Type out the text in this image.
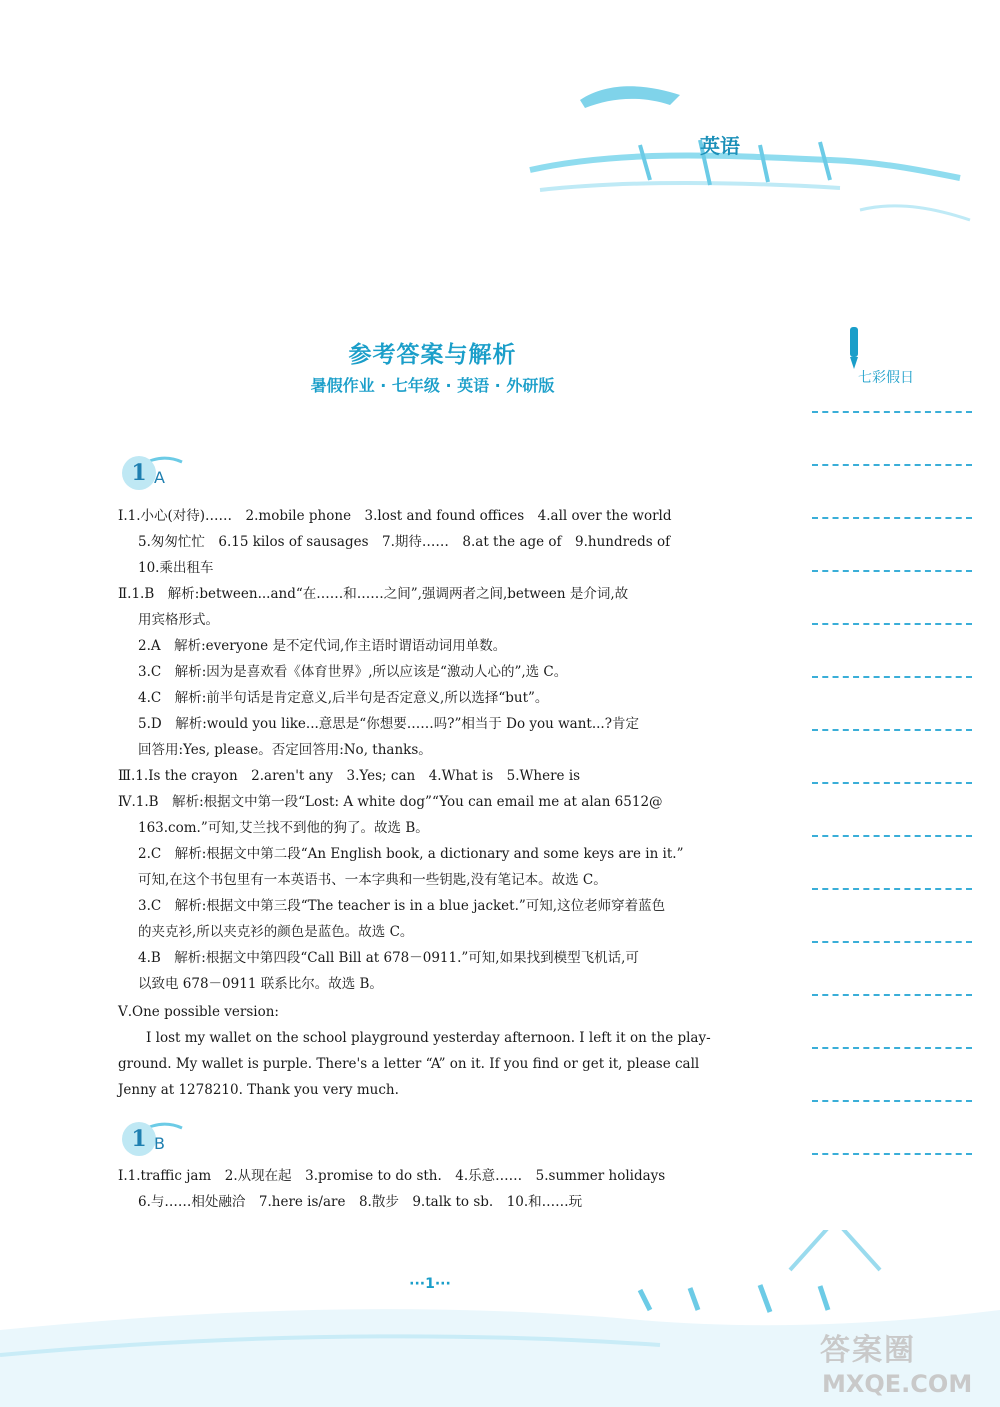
英语
参考答案与解析
暑假作业 · 七年级 · 英语 · 外研版	七彩假日
1 A
Ⅰ.1.小心(对待)……　2.mobile phone　3.lost and found offices　4.all over the world
5.匆匆忙忙　6.15 kilos of sausages　7.期待……　8.at the age of　9.hundreds of
10.乘出租车
Ⅱ.1.B　解析:between...and“在……和……之间”,强调两者之间,between 是介词,故
用宾格形式。
2.A　解析:everyone 是不定代词,作主语时谓语动词用单数。
3.C　解析:因为是喜欢看《体育世界》,所以应该是“激动人心的”,选 C。
4.C　解析:前半句话是肯定意义,后半句是否定意义,所以选择“but”。
5.D　解析:would you like...意思是“你想要……吗?”相当于 Do you want...?肯定
回答用:Yes, please。否定回答用:No, thanks。
Ⅲ.1.Is the crayon　2.aren't any　3.Yes; can　4.What is　5.Where is
Ⅳ.1.B　解析:根据文中第一段“Lost: A white dog”“You can email me at alan 6512@
163.com.”可知,艾兰找不到他的狗了。故选 B。
2.C　解析:根据文中第二段“An English book, a dictionary and some keys are in it.”
可知,在这个书包里有一本英语书、一本字典和一些钥匙,没有笔记本。故选 C。
3.C　解析:根据文中第三段“The teacher is in a blue jacket.”可知,这位老师穿着蓝色
的夹克衫,所以夹克衫的颜色是蓝色。故选 C。
4.B　解析:根据文中第四段“Call Bill at 678－0911.”可知,如果找到模型飞机话,可
以致电 678－0911 联系比尔。故选 B。
Ⅴ.One possible version:
I lost my wallet on the school playground yesterday afternoon. I left it on the play-
ground. My wallet is purple. There's a letter “A” on it. If you find or get it, please call
Jenny at 1278210. Thank you very much.
1 B
Ⅰ.1.traffic jam　2.从现在起　3.promise to do sth.　4.乐意……　5.summer holidays
6.与……相处融洽　7.here is/are　8.散步　9.talk to sb.　10.和……玩
···1···
答案圈
MXQE.COM
